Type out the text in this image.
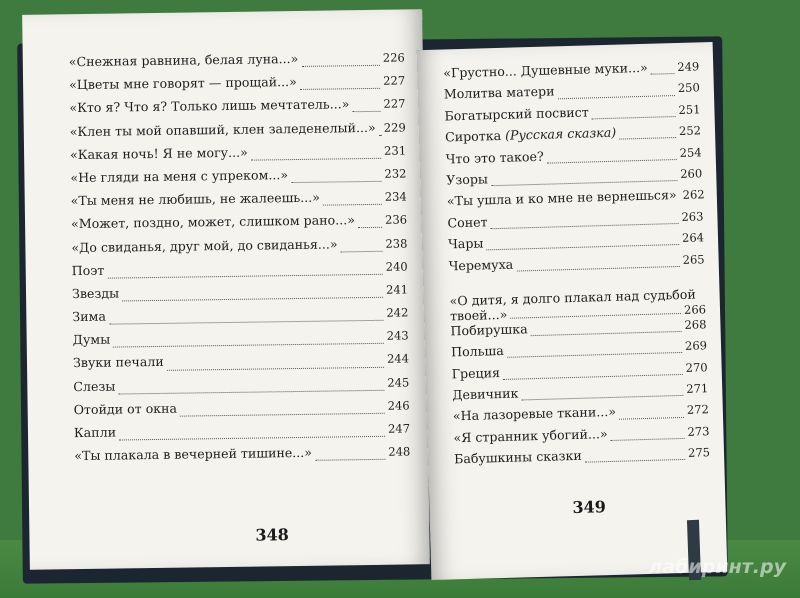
«Снежная равнина, белая луна...»	226
«Цветы мне говорят — прощай...»	227
«Кто я? Что я? Только лишь мечтатель...»	227
«Клен ты мой опавший, клен заледенелый...» 229
«Какая ночь! Я не могу...»	231
«Не гляди на меня с упреком...»	232
«Ты меня не любишь, не жалеешь...»	234
«Может, поздно, может, слишком рано...»	236
«До свиданья, друг мой, до свиданья...»	238
Поэт	240
Звезды	241
Зима	242
Думы	243
Звуки печали	244
Слезы	245
Отойди от окна	246
Капли	247
«Ты плакала в вечерней тишине...»	248
348
«Грустно... Душевные муки...»	249
Молитва матери	250
Богатырский посвист	251
Сиротка (Русская сказка)	252
Что это такое?	254
Узоры	260
«Ты ушла и ко мне не вернешься» 262
Сонет	263
Чары	264
Черемуха	265
«О дитя, я долго плакал над судьбой
твоей...»	266
Побирушка	268
Польша	269
Греция	270
Девичник	271
«На лазоревые ткани...»	272
«Я странник убогий...»	273
Бабушкины сказки	275
349
лабиринт.ру
